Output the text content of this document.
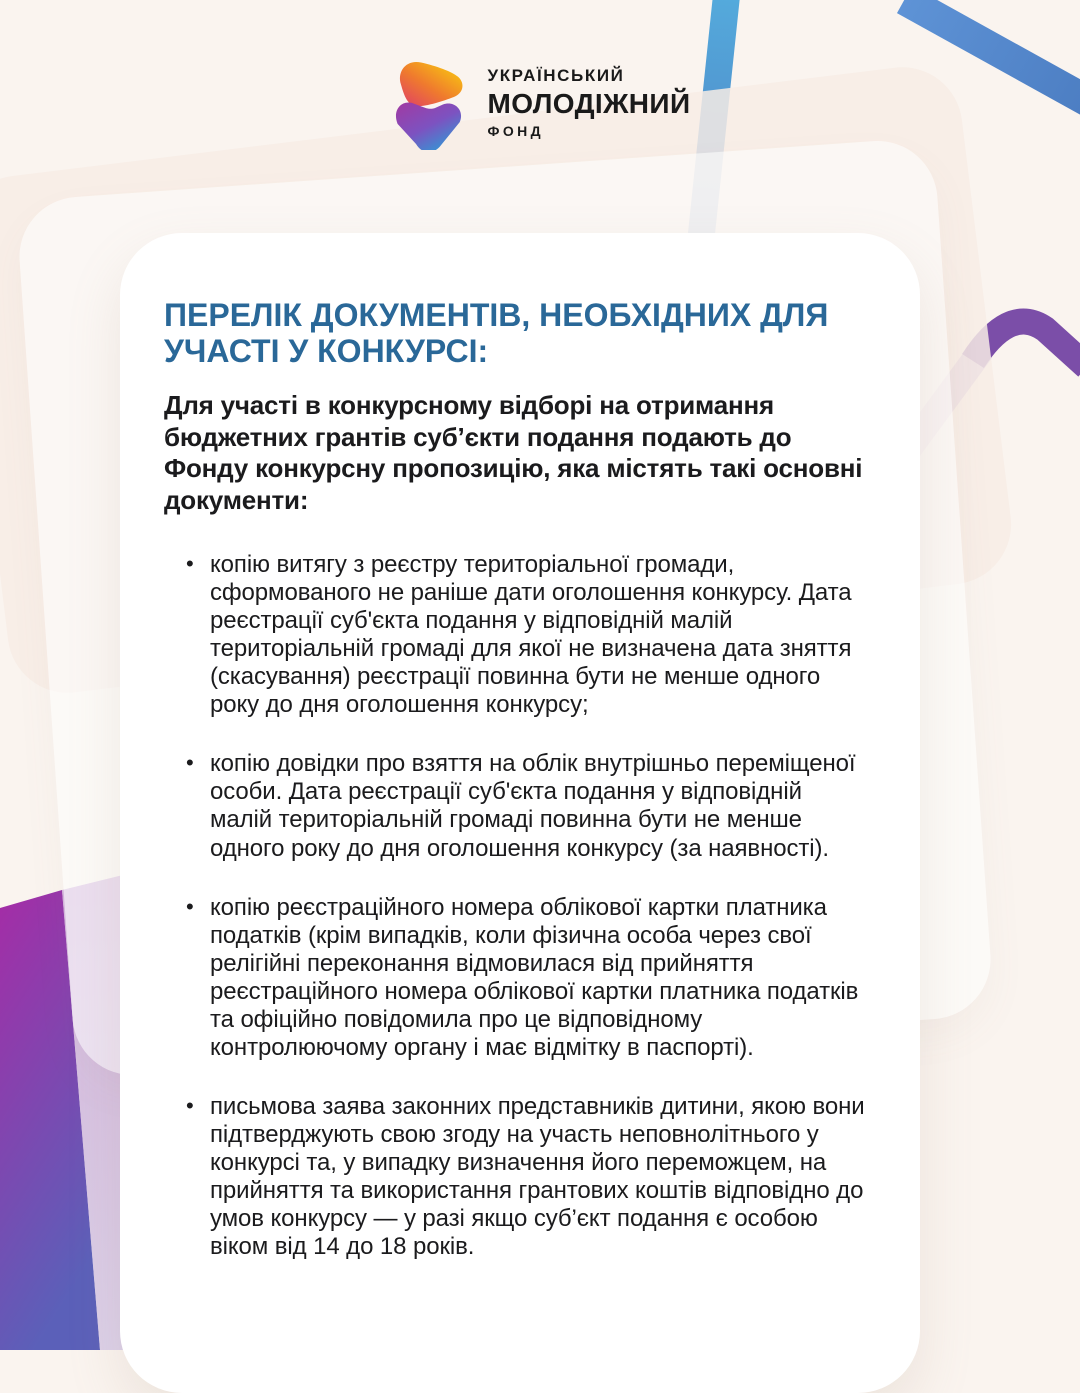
УКРАЇНСЬКИЙ
МОЛОДІЖНИЙ
ФОНД
ПЕРЕЛІК ДОКУМЕНТІВ, НЕОБХІДНИХ ДЛЯ УЧАСТІ У КОНКУРСІ:

Для участі в конкурсному відборі на отримання бюджетних грантів суб’єкти подання подають до Фонду конкурсну пропозицію, яка містять такі основні документи:

• копію витягу з реєстру територіальної громади, сформованого не раніше дати оголошення конкурсу. Дата реєстрації суб'єкта подання у відповідній малій територіальній громаді для якої не визначена дата зняття (скасування) реєстрації повинна бути не менше одного року до дня оголошення конкурсу;
• копію довідки про взяття на облік внутрішньо переміщеної особи. Дата реєстрації суб'єкта подання у відповідній малій територіальній громаді повинна бути не менше одного року до дня оголошення конкурсу (за наявності).
• копію реєстраційного номера облікової картки платника податків (крім випадків, коли фізична особа через свої релігійні переконання відмовилася від прийняття реєстраційного номера облікової картки платника податків та офіційно повідомила про це відповідному контролюючому органу і має відмітку в паспорті).
• письмова заява законних представників дитини, якою вони підтверджують свою згоду на участь неповнолітнього у конкурсі та, у випадку визначення його переможцем, на прийняття та використання грантових коштів відповідно до умов конкурсу — у разі якщо суб’єкт подання є особою віком від 14 до 18 років.
